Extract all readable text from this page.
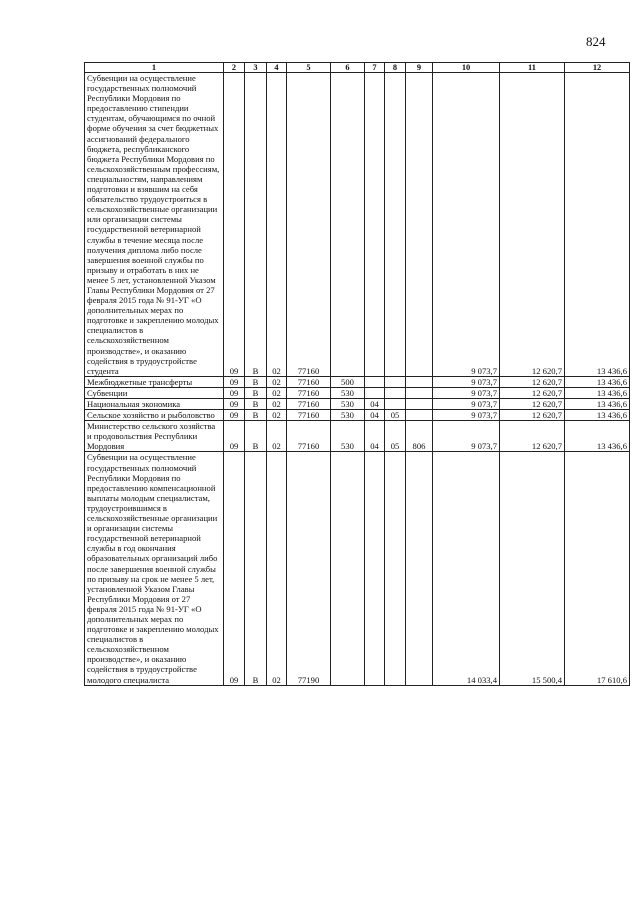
824
1	2	3	4	5	6	7	8	9	10	11	12
Субвенции на осуществление государственных полномочий Республики Мордовия по предоставлению стипендии студентам, обучающимся по очной форме обучения за счет бюджетных ассигнований федерального бюджета, республиканского бюджета Республики Мордовия по сельскохозяйственным профессиям, специальностям, направлениям подготовки и взявшим на себя обязательство трудоустроиться в сельскохозяйственные организации или организации системы государственной ветеринарной службы в течение месяца после получения диплома либо после завершения военной службы по призыву и отработать в них не менее 5 лет, установленной Указом Главы Республики Мордовия от 27 февраля 2015 года № 91-УГ «О дополнительных мерах по подготовке и закреплению молодых специалистов в сельскохозяйственном производстве», и оказанию содействия в трудоустройстве студента	09	В	02	77160					9 073,7	12 620,7	13 436,6
Межбюджетные трансферты	09	В	02	77160	500				9 073,7	12 620,7	13 436,6
Субвенции	09	В	02	77160	530				9 073,7	12 620,7	13 436,6
Национальная экономика	09	В	02	77160	530	04			9 073,7	12 620,7	13 436,6
Сельское хозяйство и рыболовство	09	В	02	77160	530	04	05		9 073,7	12 620,7	13 436,6
Министерство сельского хозяйства и продовольствия Республики Мордовия	09	В	02	77160	530	04	05	806	9 073,7	12 620,7	13 436,6
Субвенции на осуществление государственных полномочий Республики Мордовия по предоставлению компенсационной выплаты молодым специалистам, трудоустроившимся в сельскохозяйственные организации и организации системы государственной ветеринарной службы в год окончания образовательных организаций либо после завершения военной службы по призыву на срок не менее 5 лет, установленной Указом Главы Республики Мордовия от 27 февраля 2015 года № 91-УГ «О дополнительных мерах по подготовке и закреплению молодых специалистов в сельскохозяйственном производстве», и оказанию содействия в трудоустройстве молодого специалиста	09	В	02	77190					14 033,4	15 500,4	17 610,6
